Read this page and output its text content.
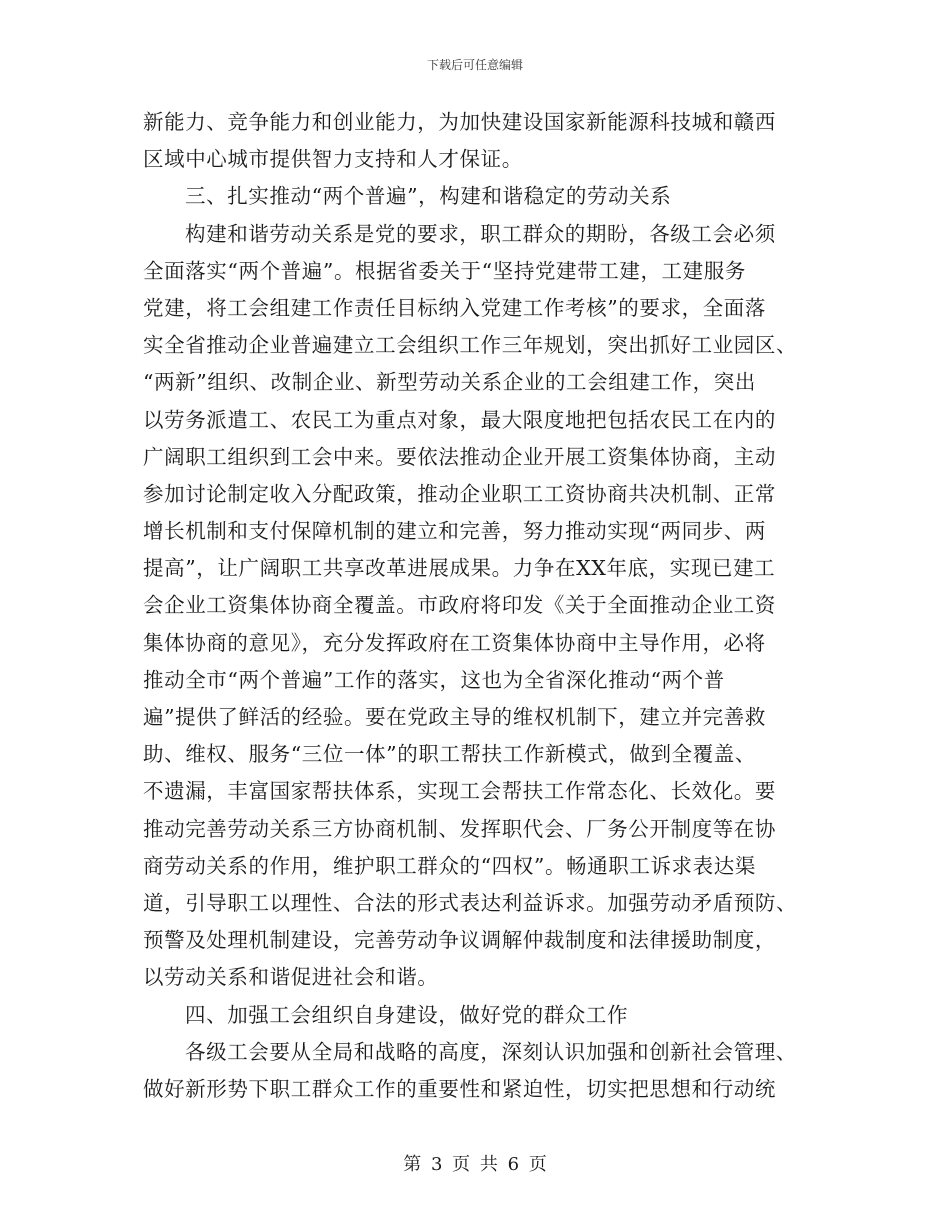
下载后可任意编辑
新能力、竞争能力和创业能力，为加快建设国家新能源科技城和赣西
区域中心城市提供智力支持和人才保证。
三、扎实推动“两个普遍”，构建和谐稳定的劳动关系
构建和谐劳动关系是党的要求，职工群众的期盼，各级工会必须
全面落实“两个普遍”。根据省委关于“坚持党建带工建，工建服务
党建，将工会组建工作责任目标纳入党建工作考核”的要求，全面落
实全省推动企业普遍建立工会组织工作三年规划，突出抓好工业园区、
“两新”组织、改制企业、新型劳动关系企业的工会组建工作，突出
以劳务派遣工、农民工为重点对象，最大限度地把包括农民工在内的
广阔职工组织到工会中来。要依法推动企业开展工资集体协商，主动
参加讨论制定收入分配政策，推动企业职工工资协商共决机制、正常
增长机制和支付保障机制的建立和完善，努力推动实现“两同步、两
提高”，让广阔职工共享改革进展成果。力争在XX年底，实现已建工
会企业工资集体协商全覆盖。市政府将印发《关于全面推动企业工资
集体协商的意见》，充分发挥政府在工资集体协商中主导作用，必将
推动全市“两个普遍”工作的落实，这也为全省深化推动“两个普
遍”提供了鲜活的经验。要在党政主导的维权机制下，建立并完善救
助、维权、服务“三位一体”的职工帮扶工作新模式，做到全覆盖、
不遗漏，丰富国家帮扶体系，实现工会帮扶工作常态化、长效化。要
推动完善劳动关系三方协商机制、发挥职代会、厂务公开制度等在协
商劳动关系的作用，维护职工群众的“四权”。畅通职工诉求表达渠
道，引导职工以理性、合法的形式表达利益诉求。加强劳动矛盾预防、
预警及处理机制建设，完善劳动争议调解仲裁制度和法律援助制度，
以劳动关系和谐促进社会和谐。
四、加强工会组织自身建设，做好党的群众工作
各级工会要从全局和战略的高度，深刻认识加强和创新社会管理、
做好新形势下职工群众工作的重要性和紧迫性，切实把思想和行动统
第 3 页 共 6 页
